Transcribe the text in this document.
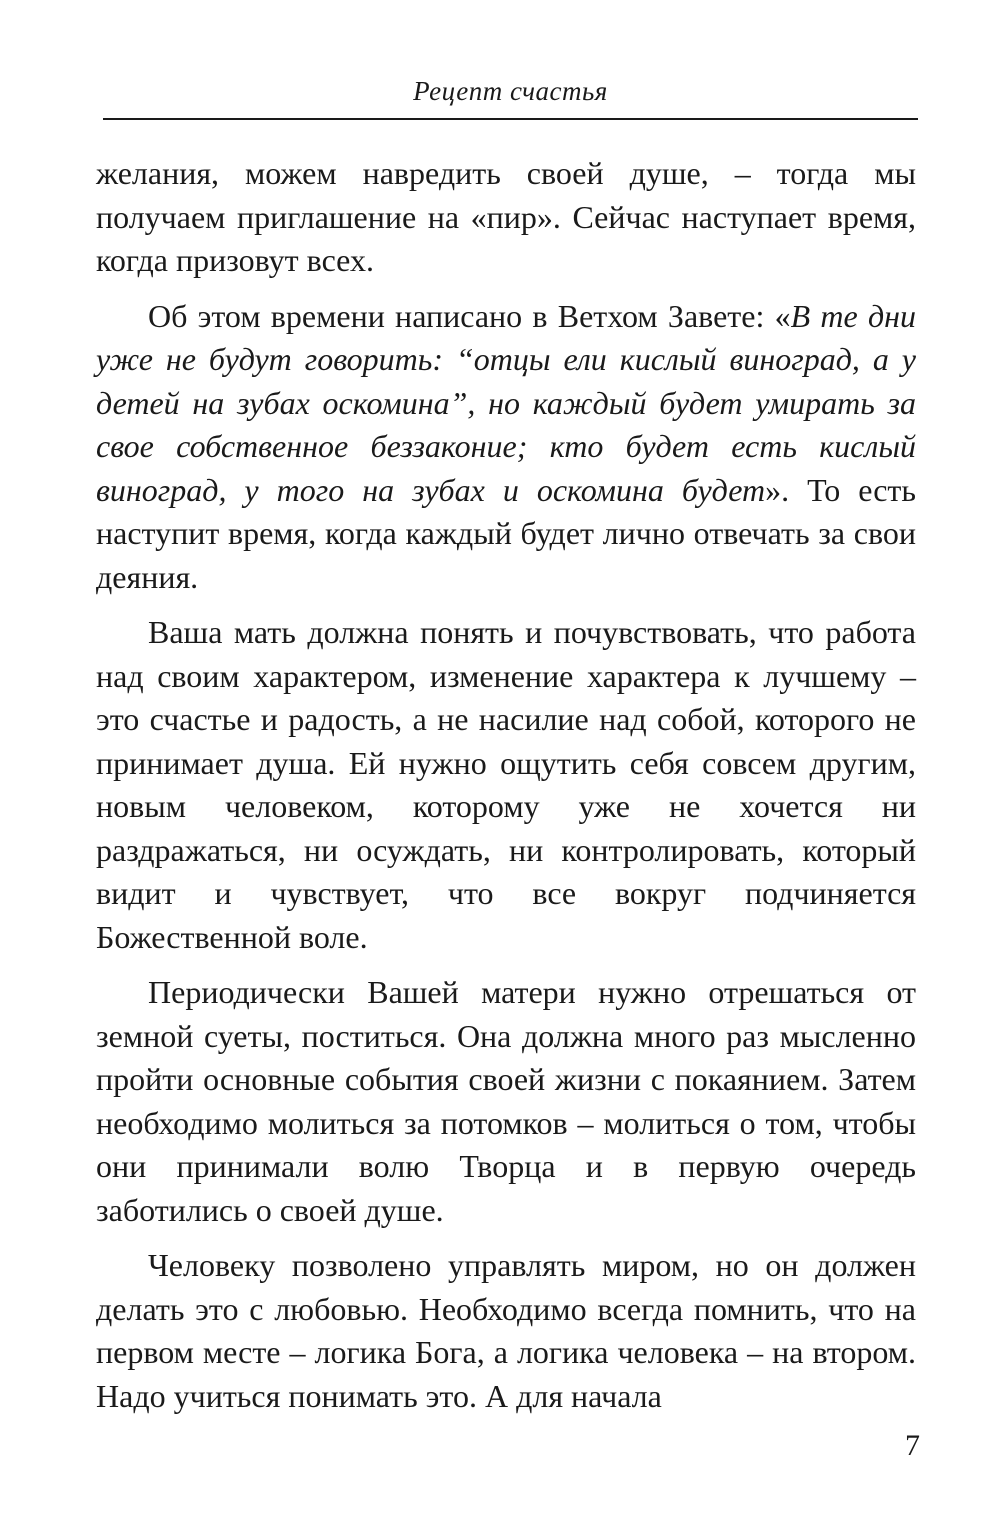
Рецепт счастья

желания, можем навредить своей душе, – тогда мы получаем приглашение на «пир». Сейчас наступает время, когда призовут всех.

Об этом времени написано в Ветхом Завете: «В те дни уже не будут говорить: “отцы ели кислый виноград, а у детей на зубах оскомина”, но каждый будет умирать за свое собственное беззаконие; кто будет есть кислый виноград, у того на зубах и оскомина будет». То есть наступит время, когда каждый будет лично отвечать за свои деяния.

Ваша мать должна понять и почувствовать, что работа над своим характером, изменение характера к лучшему – это счастье и радость, а не насилие над собой, которого не принимает душа. Ей нужно ощутить себя совсем другим, новым человеком, которому уже не хочется ни раздражаться, ни осуждать, ни контролировать, который видит и чувствует, что все вокруг подчиняется Божественной воле.

Периодически Вашей матери нужно отрешаться от земной суеты, поститься. Она должна много раз мысленно пройти основные события своей жизни с покаянием. Затем необходимо молиться за потомков – молиться о том, чтобы они принимали волю Творца и в первую очередь заботились о своей душе.

Человеку позволено управлять миром, но он должен делать это с любовью. Необходимо всегда помнить, что на первом месте – логика Бога, а логика человека – на втором. Надо учиться понимать это. А для начала

7
